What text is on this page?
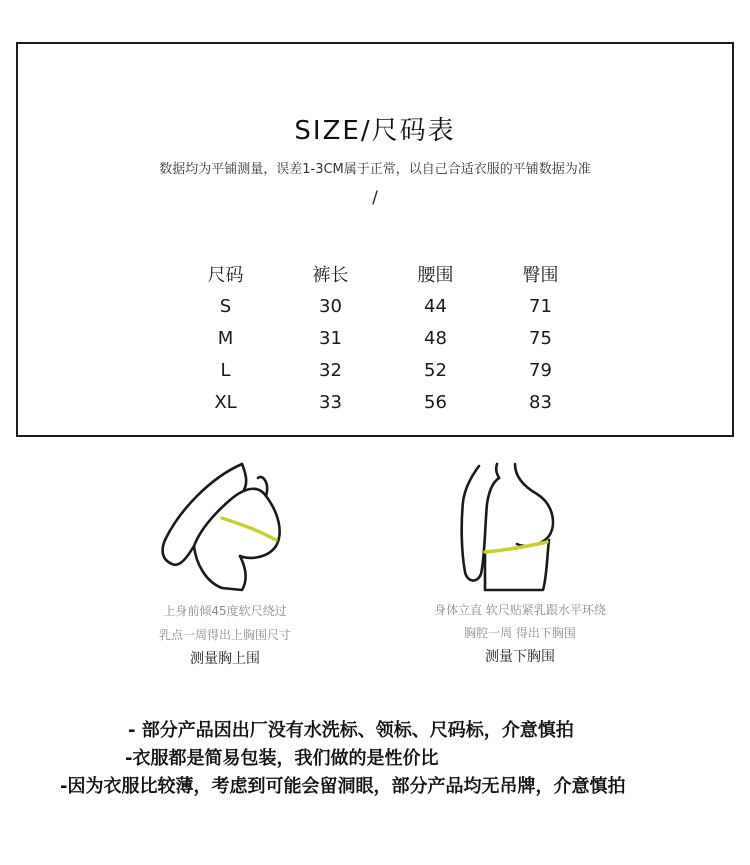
SIZE/尺码表
数据均为平铺测量，误差1-3CM属于正常，以自己合适衣服的平铺数据为准
/
尺码	裤长	腰围	臀围
S	30	44	71
M	31	48	75
L	32	52	79
XL	33	56	83
上身前倾45度软尺绕过
乳点一周得出上胸围尺寸
测量胸上围
身体立直 软尺贴紧乳跟水平环绕
胸腔一周 得出下胸围
测量下胸围
- 部分产品因出厂没有水洗标、领标、尺码标，介意慎拍
-衣服都是简易包装，我们做的是性价比
-因为衣服比较薄，考虑到可能会留洞眼，部分产品均无吊牌，介意慎拍
